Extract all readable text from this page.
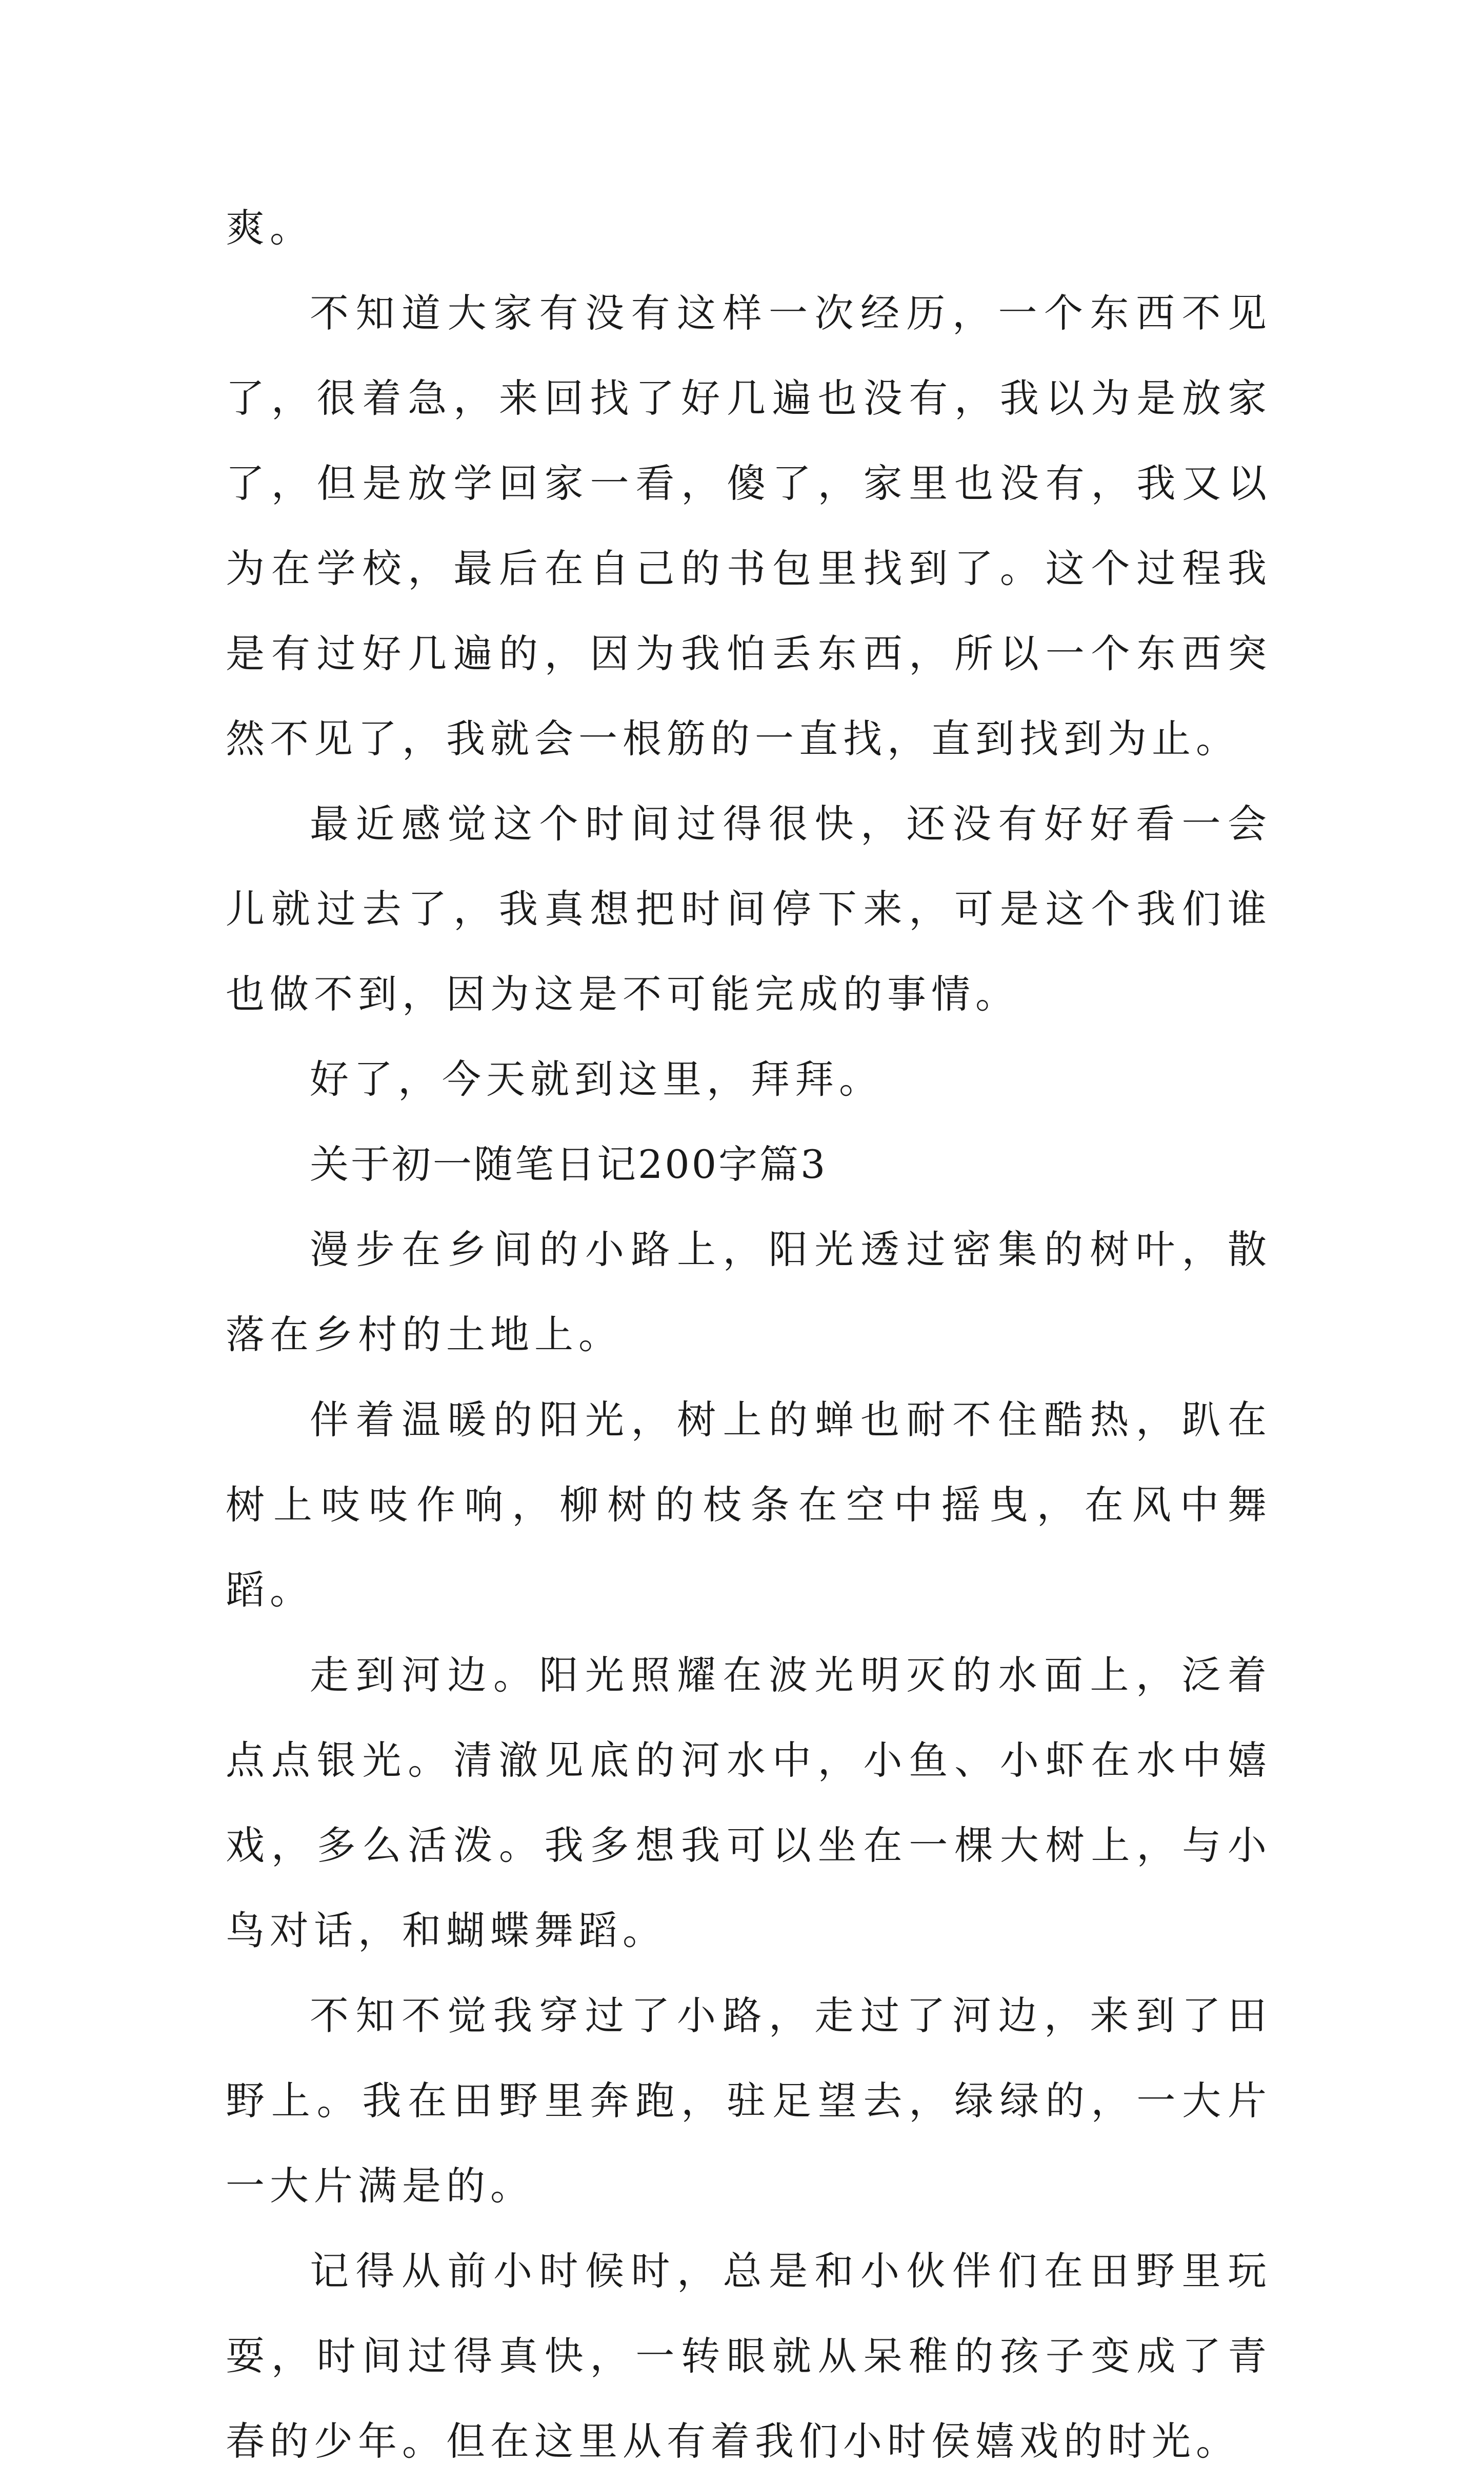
爽。

不知道大家有没有这样一次经历，一个东西不见了，很着急，来回找了好几遍也没有，我以为是放家了，但是放学回家一看，傻了，家里也没有，我又以为在学校，最后在自己的书包里找到了。这个过程我是有过好几遍的，因为我怕丢东西，所以一个东西突然不见了，我就会一根筋的一直找，直到找到为止。

最近感觉这个时间过得很快，还没有好好看一会儿就过去了，我真想把时间停下来，可是这个我们谁也做不到，因为这是不可能完成的事情。

好了，今天就到这里，拜拜。

关于初一随笔日记200字篇3

漫步在乡间的小路上，阳光透过密集的树叶，散落在乡村的土地上。

伴着温暖的阳光，树上的蝉也耐不住酷热，趴在树上吱吱作响，柳树的枝条在空中摇曳，在风中舞蹈。

走到河边。阳光照耀在波光明灭的水面上，泛着点点银光。清澈见底的河水中，小鱼、小虾在水中嬉戏，多么活泼。我多想我可以坐在一棵大树上，与小鸟对话，和蝴蝶舞蹈。

不知不觉我穿过了小路，走过了河边，来到了田野上。我在田野里奔跑，驻足望去，绿绿的，一大片一大片满是的。

记得从前小时候时，总是和小伙伴们在田野里玩耍，时间过得真快，一转眼就从呆稚的孩子变成了青春的少年。但在这里从有着我们小时侯嬉戏的时光。
